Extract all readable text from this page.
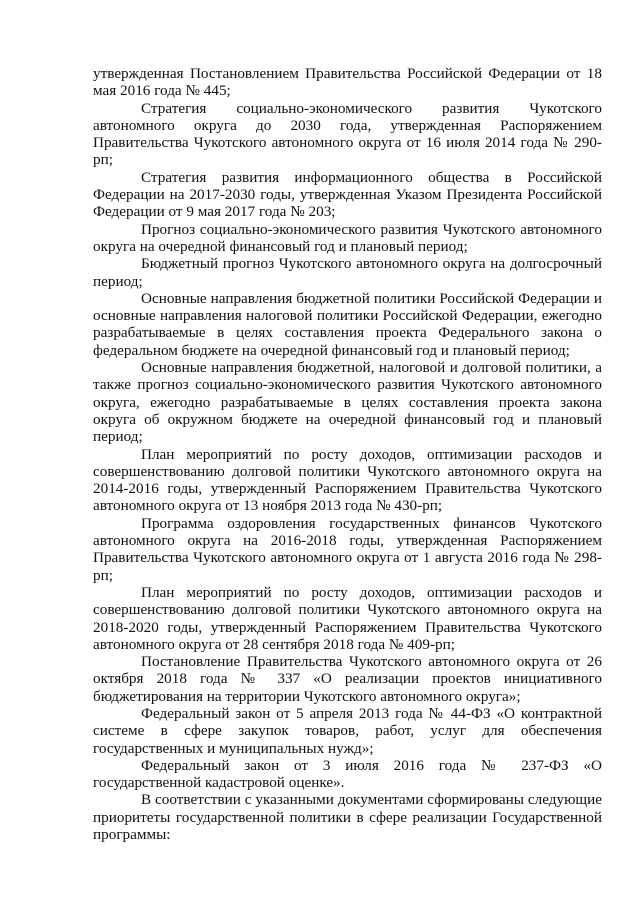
утвержденная Постановлением Правительства Российской Федерации от 18 мая 2016 года № 445;

Стратегия социально-экономического развития Чукотского автономного округа до 2030 года, утвержденная Распоряжением Правительства Чукотского автономного округа от 16 июля 2014 года № 290-рп;

Стратегия развития информационного общества в Российской Федерации на 2017-2030 годы, утвержденная Указом Президента Российской Федерации от 9 мая 2017 года № 203;

Прогноз социально-экономического развития Чукотского автономного округа на очередной финансовый год и плановый период;

Бюджетный прогноз Чукотского автономного округа на долгосрочный период;

Основные направления бюджетной политики Российской Федерации и основные направления налоговой политики Российской Федерации, ежегодно разрабатываемые в целях составления проекта Федерального закона о федеральном бюджете на очередной финансовый год и плановый период;

Основные направления бюджетной, налоговой и долговой политики, а также прогноз социально-экономического развития Чукотского автономного округа, ежегодно разрабатываемые в целях составления проекта закона округа об окружном бюджете на очередной финансовый год и плановый период;

План мероприятий по росту доходов, оптимизации расходов и совершенствованию долговой политики Чукотского автономного округа на 2014-2016 годы, утвержденный Распоряжением Правительства Чукотского автономного округа от 13 ноября 2013 года № 430-рп;

Программа оздоровления государственных финансов Чукотского автономного округа на 2016-2018 годы, утвержденная Распоряжением Правительства Чукотского автономного округа от 1 августа 2016 года № 298-рп;

План мероприятий по росту доходов, оптимизации расходов и совершенствованию долговой политики Чукотского автономного округа на 2018-2020 годы, утвержденный Распоряжением Правительства Чукотского автономного округа от 28 сентября 2018 года № 409-рп;

Постановление Правительства Чукотского автономного округа от 26 октября 2018 года № 337 «О реализации проектов инициативного бюджетирования на территории Чукотского автономного округа»;

Федеральный закон от 5 апреля 2013 года № 44-ФЗ «О контрактной системе в сфере закупок товаров, работ, услуг для обеспечения государственных и муниципальных нужд»;

Федеральный закон от 3 июля 2016 года № 237-ФЗ «О государственной кадастровой оценке».

В соответствии с указанными документами сформированы следующие приоритеты государственной политики в сфере реализации Государственной программы:
